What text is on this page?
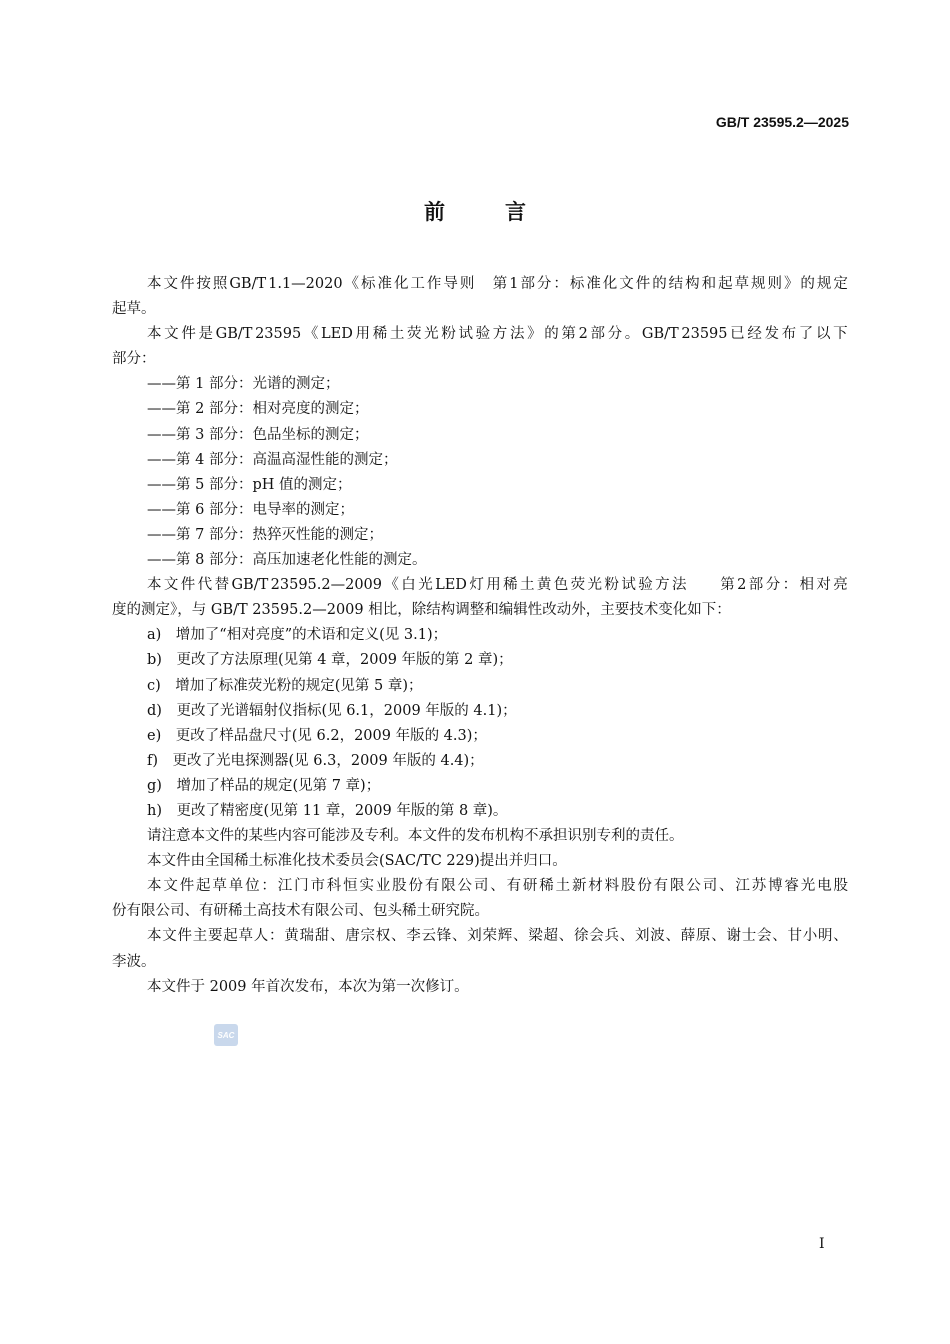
GB/T 23595.2—2025
前言
本 文 件 按 照 GB/T 1.1—2020 《 标 准 化 工 作 导 则
　 第 1 部 分 ： 标 准 化 文 件 的 结 构 和 起 草 规 则 》 的 规 定
起草。
本 文 件 是 GB/T 23595 《 LED 用 稀 土 荧 光 粉 试 验 方 法 》 的 第 2 部 分 。 GB/T 23595 已 经 发 布 了 以 下
部分：
——第 1 部分：光谱的测定；
——第 2 部分：相对亮度的测定；
——第 3 部分：色品坐标的测定；
——第 4 部分：高温高湿性能的测定；
——第 5 部分：pH 值的测定；
——第 6 部分：电导率的测定；
——第 7 部分：热猝灭性能的测定；
——第 8 部分：高压加速老化性能的测定。
本 文 件 代 替 GB/T 23595.2—2009 《 白 光 LED 灯 用 稀 土 黄 色 荧 光 粉 试 验 方 法
　　 第 2 部 分 ： 相 对 亮
度的测定》，与 GB/T 23595.2—2009 相比，除结构调整和编辑性改动外，主要技术变化如下：
a)　增加了“相对亮度”的术语和定义(见 3.1)；
b)　更改了方法原理(见第 4 章，2009 年版的第 2 章)；
c)　增加了标准荧光粉的规定(见第 5 章)；
d)　更改了光谱辐射仪指标(见 6.1，2009 年版的 4.1)；
e)　更改了样品盘尺寸(见 6.2，2009 年版的 4.3)；
f)　更改了光电探测器(见 6.3，2009 年版的 4.4)；
g)　增加了样品的规定(见第 7 章)；
h)　更改了精密度(见第 11 章，2009 年版的第 8 章)。
请注意本文件的某些内容可能涉及专利。本文件的发布机构不承担识别专利的责任。
本文件由全国稀土标准化技术委员会(SAC/TC 229)提出并归口。
本 文 件 起 草 单 位 ： 江 门 市 科 恒 实 业 股 份 有 限 公 司 、 有 研 稀 土 新 材 料 股 份 有 限 公 司 、 江 苏 博 睿 光 电 股
份有限公司、有研稀土高技术有限公司、包头稀土研究院。
本 文 件 主 要 起 草 人 ： 黄 瑞 甜 、 唐 宗 权 、 李 云 锋 、 刘 荣 辉 、 梁 超 、 徐 会 兵 、 刘 波 、 薛 原 、 谢 士 会 、 甘 小 明 、
李波。
本文件于 2009 年首次发布，本次为第一次修订。
SAC
I
